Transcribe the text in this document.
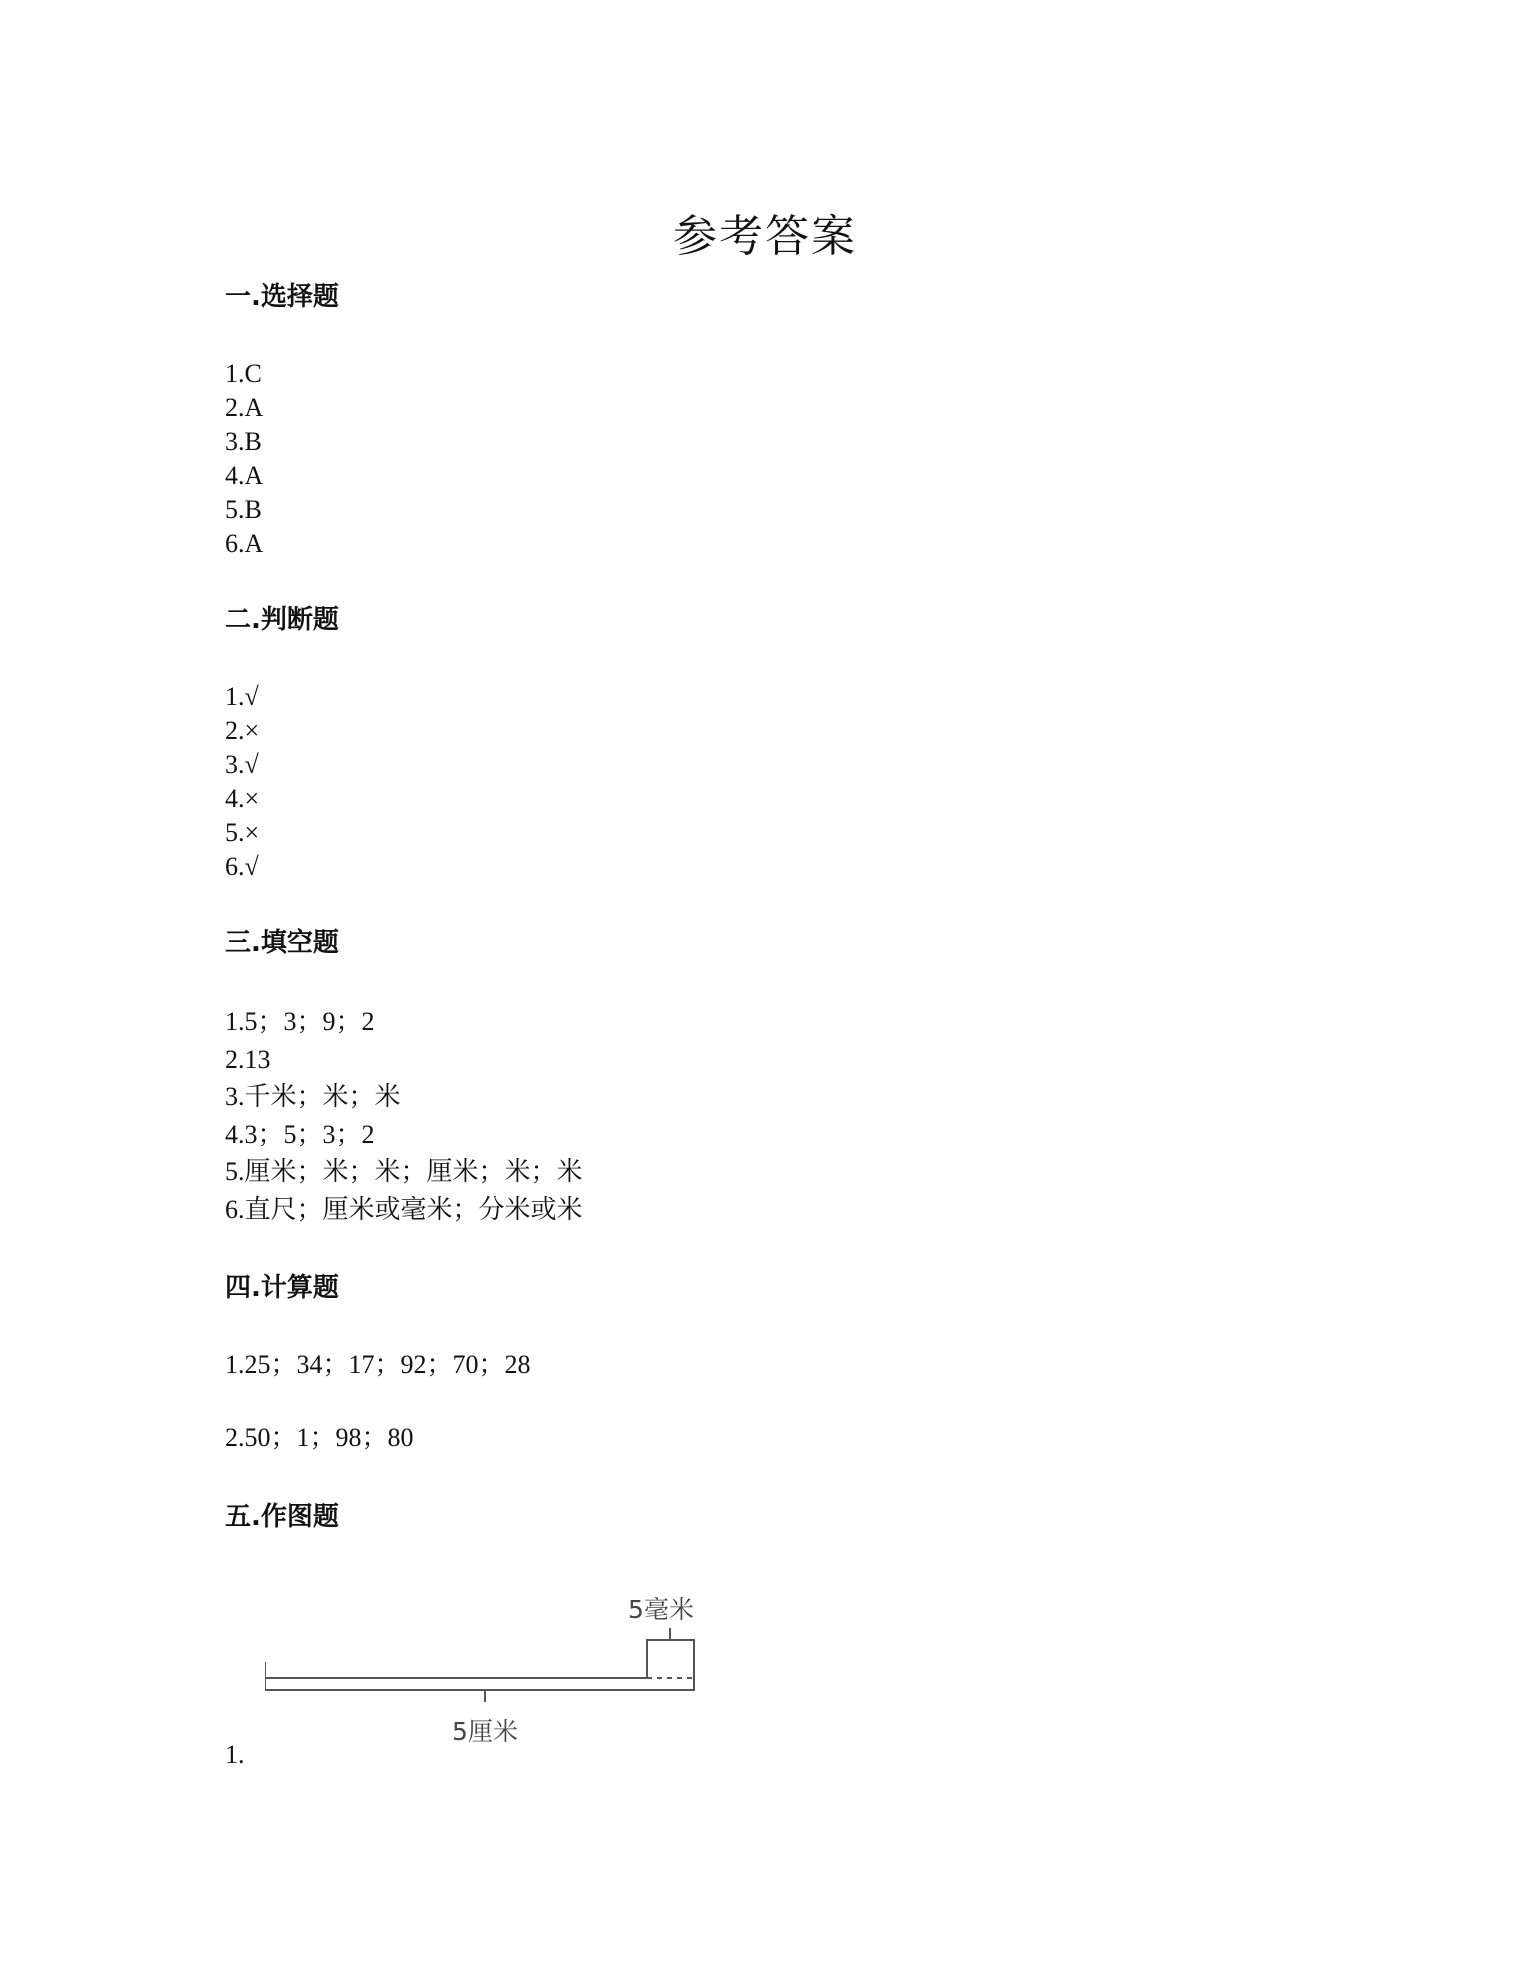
参考答案
一.选择题
1.C
2.A
3.B
4.A
5.B
6.A
二.判断题
1.√
2.×
3.√
4.×
5.×
6.√
三.填空题
1.5；3；9；2
2.13
3.千米；米；米
4.3；5；3；2
5.厘米；米；米；厘米；米；米
6.直尺；厘米或毫米；分米或米
四.计算题
1.25；34；17；92；70；28
2.50；1；98；80
五.作图题
5毫米
5厘米
1.
